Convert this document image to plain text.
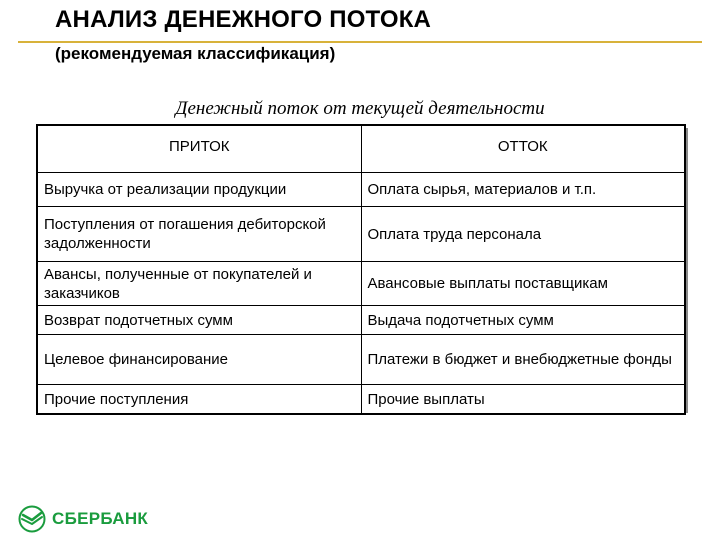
АНАЛИЗ ДЕНЕЖНОГО ПОТОКА
(рекомендуемая классификация)
Денежный поток от текущей деятельности
ПРИТОК	ОТТОК
Выручка от реализации продукции	Оплата сырья, материалов и т.п.
Поступления от погашения дебиторской задолженности	Оплата труда персонала
Авансы, полученные от покупателей и заказчиков	Авансовые выплаты поставщикам
Возврат подотчетных сумм	Выдача подотчетных сумм
Целевое финансирование	Платежи в бюджет и внебюджетные фонды
Прочие поступления	Прочие выплаты
СБЕРБАНК
